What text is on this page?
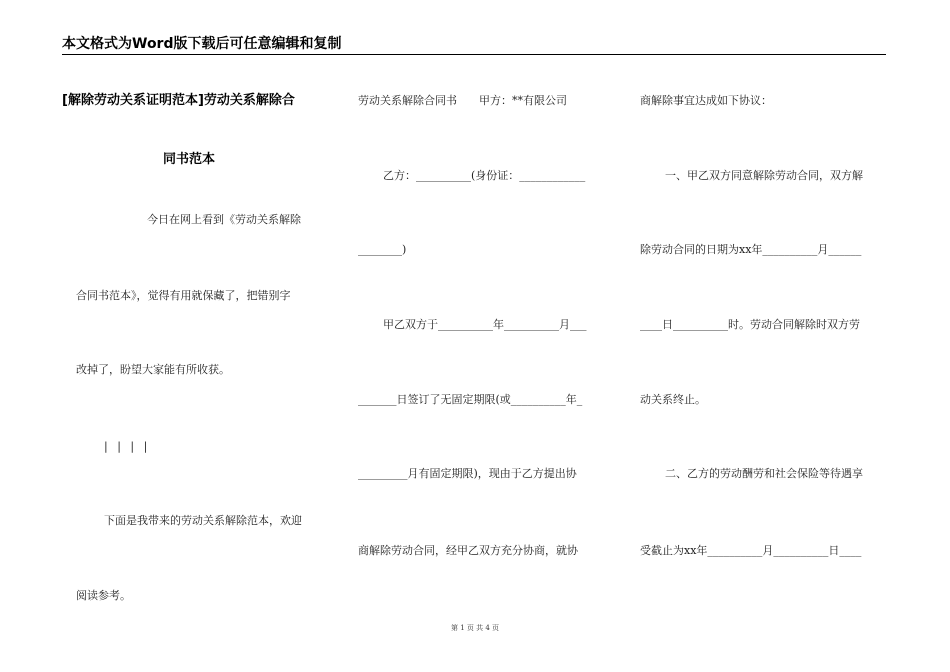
本文格式为Word版下载后可任意编辑和复制
[解除劳动关系证明范本]劳动关系解除合
同书范本
今日在网上看到《劳动关系解除
合同书范本》，觉得有用就保藏了，把错别字
改掉了，盼望大家能有所收获。
| | | |
下面是我带来的劳动关系解除范本，欢迎
阅读参考。
劳动关系解除合同书　　甲方：**有限公司
乙方：__________(身份证：____________
________)
甲乙双方于__________年__________月___
_______日签订了无固定期限(或__________年_
_________月有固定期限)，现由于乙方提出协
商解除劳动合同，经甲乙双方充分协商，就协
商解除事宜达成如下协议：
一、甲乙双方同意解除劳动合同，双方解
除劳动合同的日期为xx年__________月______
____日__________时。劳动合同解除时双方劳
动关系终止。
二、乙方的劳动酬劳和社会保险等待遇享
受截止为xx年__________月__________日____
第 1 页 共 4 页
